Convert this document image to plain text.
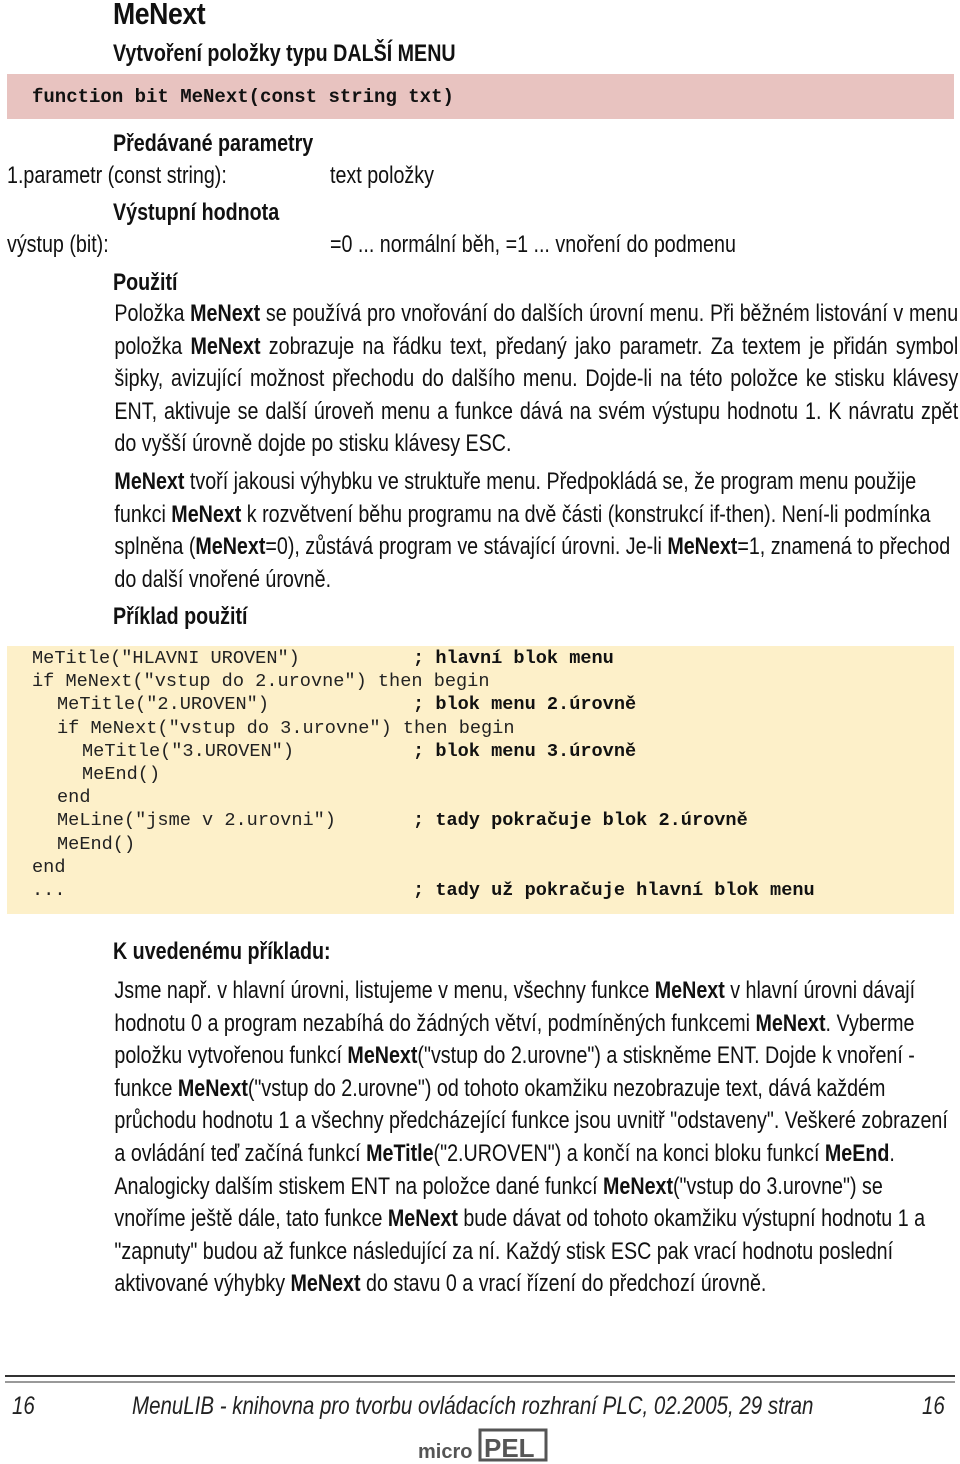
MeNext
Vytvoření položky typu DALŠÍ MENU
function bit MeNext(const string txt)
Předávané parametry
1.parametr (const string):	text položky
Výstupní hodnota
výstup (bit):	=0 ... normální běh, =1 ... vnoření do podmenu
Použití

Položka MeNext se používá pro vnořování do dalších úrovní menu. Při běžném listování v menu položka MeNext zobrazuje na řádku text, předaný jako parametr. Za textem je přidán symbol šipky, avizující možnost přechodu do dalšího menu. Dojde-li na této položce ke stisku klávesy ENT, aktivuje se další úroveň menu a funkce dává na svém výstupu hodnotu 1. K návratu zpět do vyšší úrovně dojde po stisku klávesy ESC.

MeNext tvoří jakousi výhybku ve struktuře menu. Předpokládá se, že program menu použije funkci MeNext k rozvětvení běhu programu na dvě části (konstrukcí if-then). Není-li podmínka splněna (MeNext=0), zůstává program ve stávající úrovni. Je-li MeNext=1, znamená to přechod do další vnořené úrovně.

Příklad použití
MeTitle("HLAVNI UROVEN")	; hlavní blok menu
if MeNext("vstup do 2.urovne") then begin
MeTitle("2.UROVEN")	; blok menu 2.úrovně
if MeNext("vstup do 3.urovne") then begin
MeTitle("3.UROVEN")	; blok menu 3.úrovně
MeEnd()
end
MeLine("jsme v 2.urovni")	; tady pokračuje blok 2.úrovně
MeEnd()
end
...	; tady už pokračuje hlavní blok menu
K uvedenému příkladu:

Jsme např. v hlavní úrovni, listujeme v menu, všechny funkce MeNext v hlavní úrovni dávají hodnotu 0 a program nezabíhá do žádných větví, podmíněných funkcemi MeNext. Vyberme položku vytvořenou funkcí MeNext("vstup do 2.urovne") a stiskněme ENT. Dojde k vnoření - funkce MeNext("vstup do 2.urovne") od tohoto okamžiku nezobrazuje text, dává každém průchodu hodnotu 1 a všechny předcházející funkce jsou uvnitř "odstaveny". Veškeré zobrazení a ovládání teď začíná funkcí MeTitle("2.UROVEN") a končí na konci bloku funkcí MeEnd. Analogicky dalším stiskem ENT na položce dané funkcí MeNext("vstup do 3.urovne") se vnoříme ještě dále, tato funkce MeNext bude dávat od tohoto okamžiku výstupní hodnotu 1 a "zapnuty" budou až funkce následující za ní. Každý stisk ESC pak vrací hodnotu poslední aktivované výhybky MeNext do stavu 0 a vrací řízení do předchozí úrovně.

16	MenuLIB - knihovna pro tvorbu ovládacích rozhraní PLC, 02.2005, 29 stran	16
micro PEL
